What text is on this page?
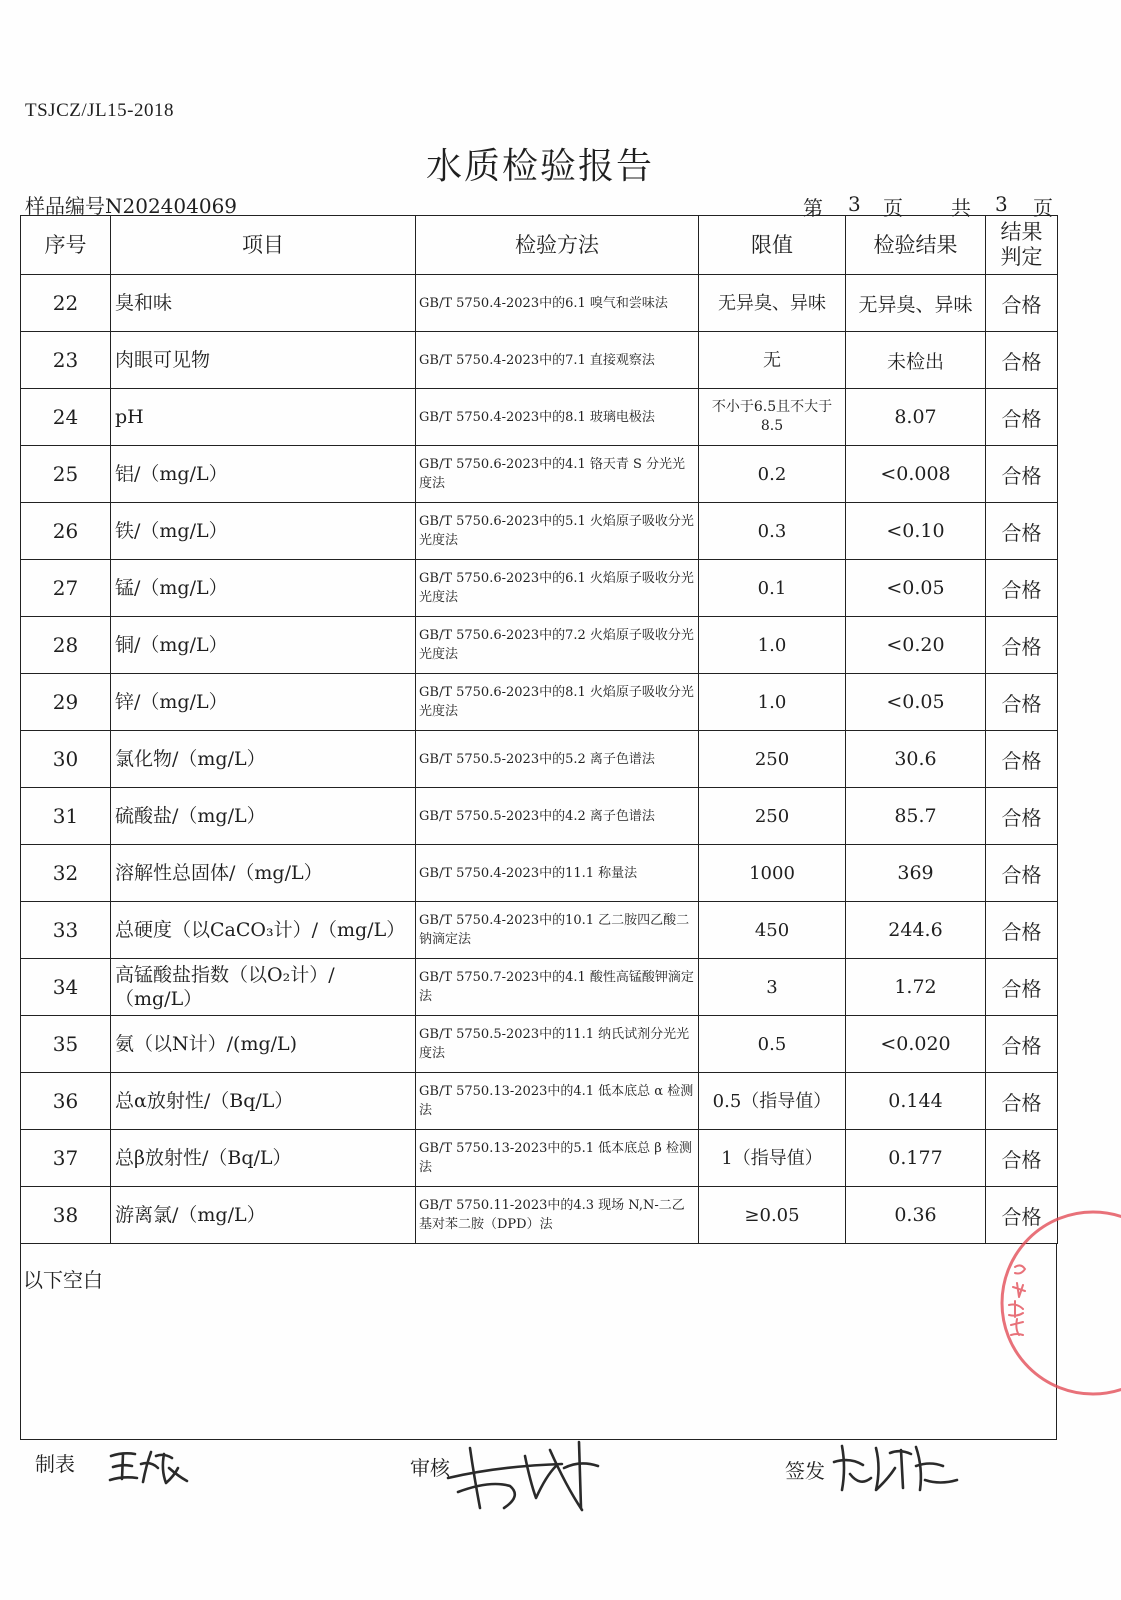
TSJCZ/JL15-2018
水质检验报告
样品编号N202404069	第 3 页 共 3 页
序号	项目	检验方法	限值	检验结果	结果
判定
22	臭和味	GB/T 5750.4-2023中的6.1 嗅气和尝味法	无异臭、异味	无异臭、异味	合格
23	肉眼可见物	GB/T 5750.4-2023中的7.1 直接观察法	无	未检出	合格
24	pH	GB/T 5750.4-2023中的8.1 玻璃电极法	不小于6.5且不大于8.5	8.07	合格
25	铝/（mg/L）	GB/T 5750.6-2023中的4.1 铬天青 S 分光光度法	0.2	<0.008	合格
26	铁/（mg/L）	GB/T 5750.6-2023中的5.1 火焰原子吸收分光光度法	0.3	<0.10	合格
27	锰/（mg/L）	GB/T 5750.6-2023中的6.1 火焰原子吸收分光光度法	0.1	<0.05	合格
28	铜/（mg/L）	GB/T 5750.6-2023中的7.2 火焰原子吸收分光光度法	1.0	<0.20	合格
29	锌/（mg/L）	GB/T 5750.6-2023中的8.1 火焰原子吸收分光光度法	1.0	<0.05	合格
30	氯化物/（mg/L）	GB/T 5750.5-2023中的5.2 离子色谱法	250	30.6	合格
31	硫酸盐/（mg/L）	GB/T 5750.5-2023中的4.2 离子色谱法	250	85.7	合格
32	溶解性总固体/（mg/L）	GB/T 5750.4-2023中的11.1 称量法	1000	369	合格
33	总硬度（以CaCO₃计）/（mg/L）	GB/T 5750.4-2023中的10.1 乙二胺四乙酸二钠滴定法	450	244.6	合格
34	高锰酸盐指数（以O₂计）/（mg/L）	GB/T 5750.7-2023中的4.1 酸性高锰酸钾滴定法	3	1.72	合格
35	氨（以N计）/(mg/L)	GB/T 5750.5-2023中的11.1 纳氏试剂分光光度法	0.5	<0.020	合格
36	总α放射性/（Bq/L）	GB/T 5750.13-2023中的4.1 低本底总 α 检测法	0.5（指导值）	0.144	合格
37	总β放射性/（Bq/L）	GB/T 5750.13-2023中的5.1 低本底总 β 检测法	1（指导值）	0.177	合格
38	游离氯/（mg/L）	GB/T 5750.11-2023中的4.3 现场 N,N-二乙基对苯二胺（DPD）法	≥0.05	0.36	合格
以下空白
制表	审核	签发
